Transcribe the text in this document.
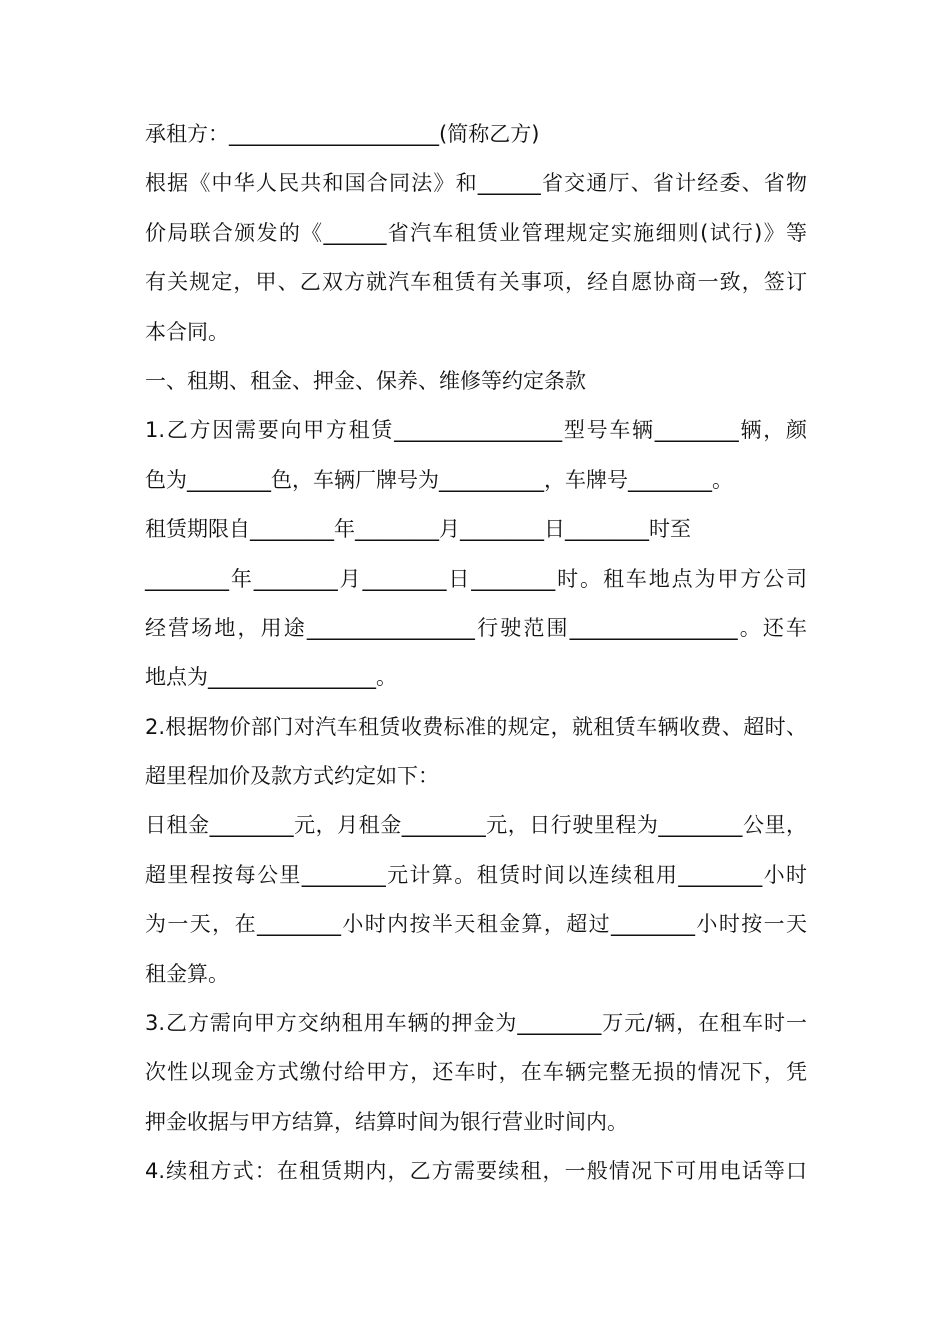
承租方：____________________(简称乙方)
根据《中华人民共和国合同法》和______省交通厅、省计经委、省物
价局联合颁发的《______省汽车租赁业管理规定实施细则(试行)》等
有关规定，甲、乙双方就汽车租赁有关事项，经自愿协商一致，签订
本合同。
一、租期、租金、押金、保养、维修等约定条款
1.乙方因需要向甲方租赁________________型号车辆________辆，颜
色为________色，车辆厂牌号为__________，车牌号________。
租赁期限自________年________月________日________时至
________年________月________日________时。租车地点为甲方公司
经营场地，用途________________行驶范围________________。还车
地点为________________。
2.根据物价部门对汽车租赁收费标准的规定，就租赁车辆收费、超时、
超里程加价及款方式约定如下：
日租金________元，月租金________元，日行驶里程为________公里，
超里程按每公里________元计算。租赁时间以连续租用________小时
为一天，在________小时内按半天租金算，超过________小时按一天
租金算。
3.乙方需向甲方交纳租用车辆的押金为________万元/辆，在租车时一
次性以现金方式缴付给甲方，还车时，在车辆完整无损的情况下，凭
押金收据与甲方结算，结算时间为银行营业时间内。
4.续租方式：在租赁期内，乙方需要续租，一般情况下可用电话等口
